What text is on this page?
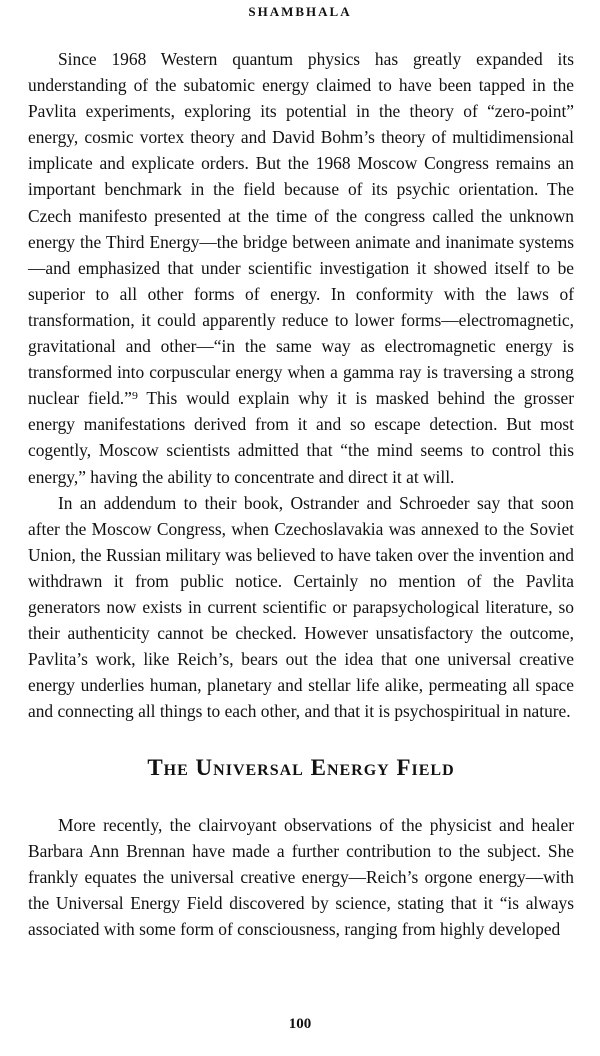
SHAMBHALA

Since 1968 Western quantum physics has greatly expanded its understanding of the subatomic energy claimed to have been tapped in the Pavlita experiments, exploring its potential in the theory of “zero-point” energy, cosmic vortex theory and David Bohm’s theory of multidimensional implicate and explicate orders. But the 1968 Moscow Congress remains an important benchmark in the field because of its psychic orientation. The Czech manifesto presented at the time of the congress called the unknown energy the Third Energy—the bridge between animate and inanimate systems—and emphasized that under scientific investigation it showed itself to be superior to all other forms of energy. In conformity with the laws of transformation, it could apparently reduce to lower forms—electromagnetic, gravitational and other—“in the same way as electromagnetic energy is transformed into corpuscular energy when a gamma ray is traversing a strong nuclear field.”⁹ This would explain why it is masked behind the grosser energy manifestations derived from it and so escape detection. But most cogently, Moscow scientists admitted that “the mind seems to control this energy,” having the ability to concentrate and direct it at will.

In an addendum to their book, Ostrander and Schroeder say that soon after the Moscow Congress, when Czechoslavakia was annexed to the Soviet Union, the Russian military was believed to have taken over the invention and withdrawn it from public notice. Certainly no mention of the Pavlita generators now exists in current scientific or parapsychological literature, so their authenticity cannot be checked. However unsatisfactory the outcome, Pavlita’s work, like Reich’s, bears out the idea that one universal creative energy underlies human, planetary and stellar life alike, permeating all space and connecting all things to each other, and that it is psychospiritual in nature.

The Universal Energy Field

More recently, the clairvoyant observations of the physicist and healer Barbara Ann Brennan have made a further contribution to the subject. She frankly equates the universal creative energy—Reich’s orgone energy—with the Universal Energy Field discovered by science, stating that it “is always associated with some form of consciousness, ranging from highly developed

100
